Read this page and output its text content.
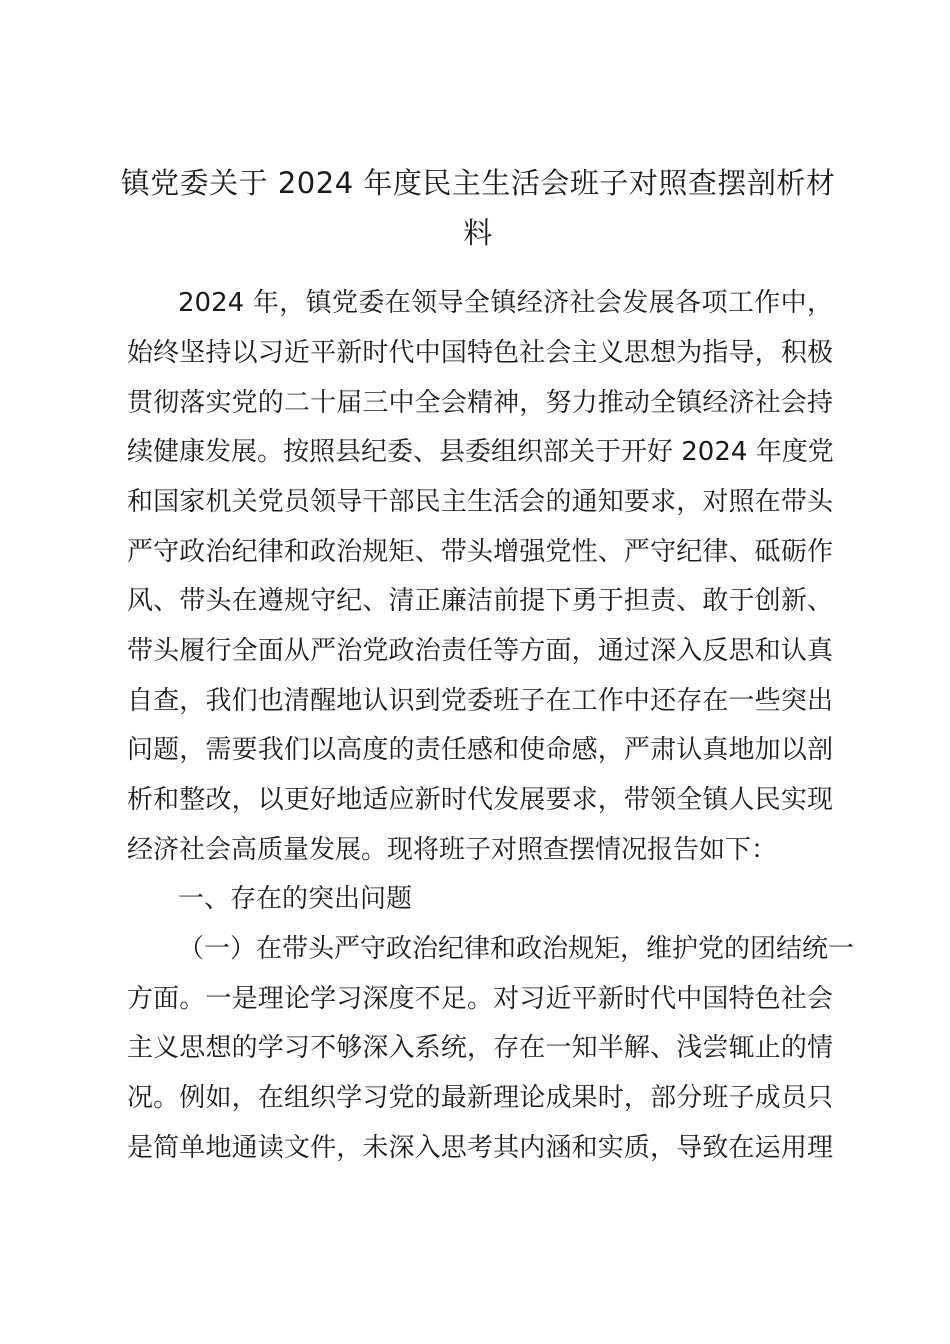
镇党委关于 2024 年度民主生活会班子对照查摆剖析材
料

2024 年，镇党委在领导全镇经济社会发展各项工作中，

始终坚持以习近平新时代中国特色社会主义思想为指导，积极

贯彻落实党的二十届三中全会精神，努力推动全镇经济社会持

续健康发展。按照县纪委、县委组织部关于开好 2024 年度党

和国家机关党员领导干部民主生活会的通知要求，对照在带头

严守政治纪律和政治规矩、带头增强党性、严守纪律、砥砺作

风、带头在遵规守纪、清正廉洁前提下勇于担责、敢于创新、

带头履行全面从严治党政治责任等方面，通过深入反思和认真

自查，我们也清醒地认识到党委班子在工作中还存在一些突出

问题，需要我们以高度的责任感和使命感，严肃认真地加以剖

析和整改，以更好地适应新时代发展要求，带领全镇人民实现

经济社会高质量发展。现将班子对照查摆情况报告如下：

一、存在的突出问题

（一）在带头严守政治纪律和政治规矩，维护党的团结统一

方面。一是理论学习深度不足。对习近平新时代中国特色社会

主义思想的学习不够深入系统，存在一知半解、浅尝辄止的情

况。例如，在组织学习党的最新理论成果时，部分班子成员只

是简单地通读文件，未深入思考其内涵和实质，导致在运用理
